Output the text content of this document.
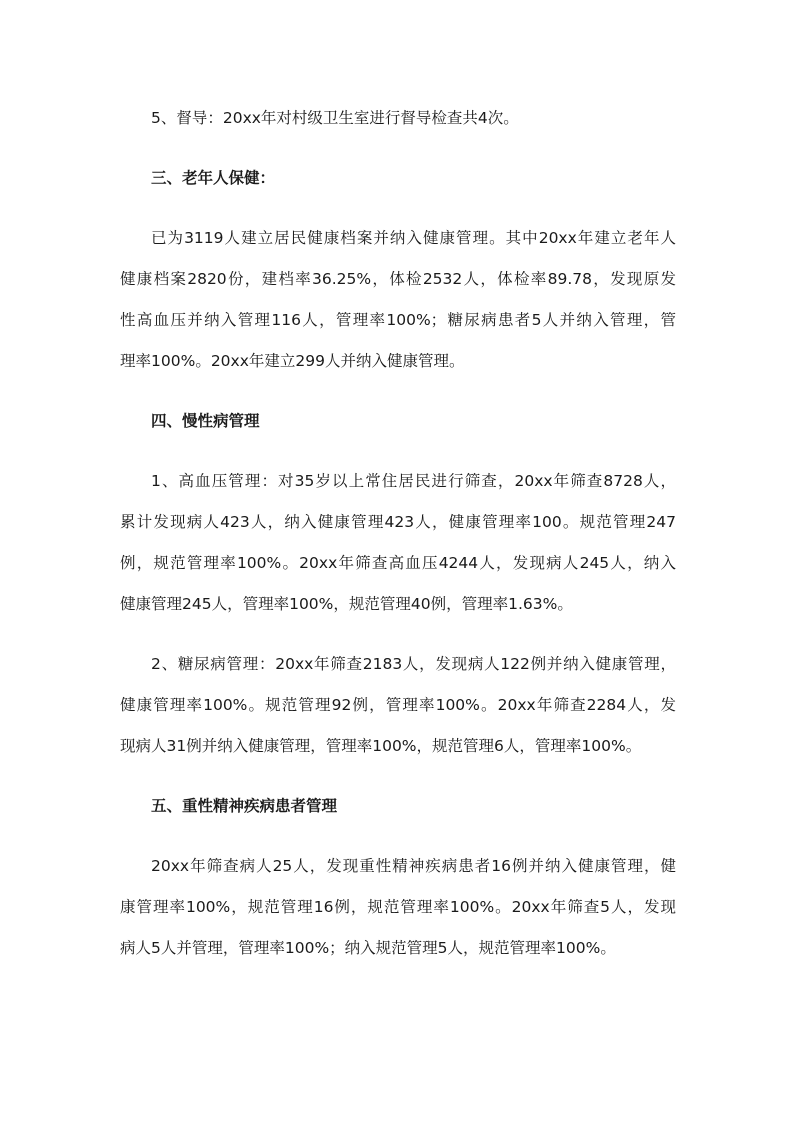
5、督导：20xx年对村级卫生室进行督导检查共4次。
三、老年人保健：
已为3119人建立居民健康档案并纳入健康管理。其中20xx年建立老年人
健康档案2820份，建档率36.25%，体检2532人，体检率89.78，发现原发
性高血压并纳入管理116人，管理率100%；糖尿病患者5人并纳入管理，管
理率100%。20xx年建立299人并纳入健康管理。
四、慢性病管理
1、高血压管理：对35岁以上常住居民进行筛查，20xx年筛查8728人，
累计发现病人423人，纳入健康管理423人，健康管理率100。规范管理247
例，规范管理率100%。20xx年筛查高血压4244人，发现病人245人，纳入
健康管理245人，管理率100%，规范管理40例，管理率1.63%。
2、糖尿病管理：20xx年筛查2183人，发现病人122例并纳入健康管理，
健康管理率100%。规范管理92例，管理率100%。20xx年筛查2284人，发
现病人31例并纳入健康管理，管理率100%，规范管理6人，管理率100%。
五、重性精神疾病患者管理
20xx年筛查病人25人，发现重性精神疾病患者16例并纳入健康管理，健
康管理率100%，规范管理16例，规范管理率100%。20xx年筛查5人，发现
病人5人并管理，管理率100%；纳入规范管理5人，规范管理率100%。
